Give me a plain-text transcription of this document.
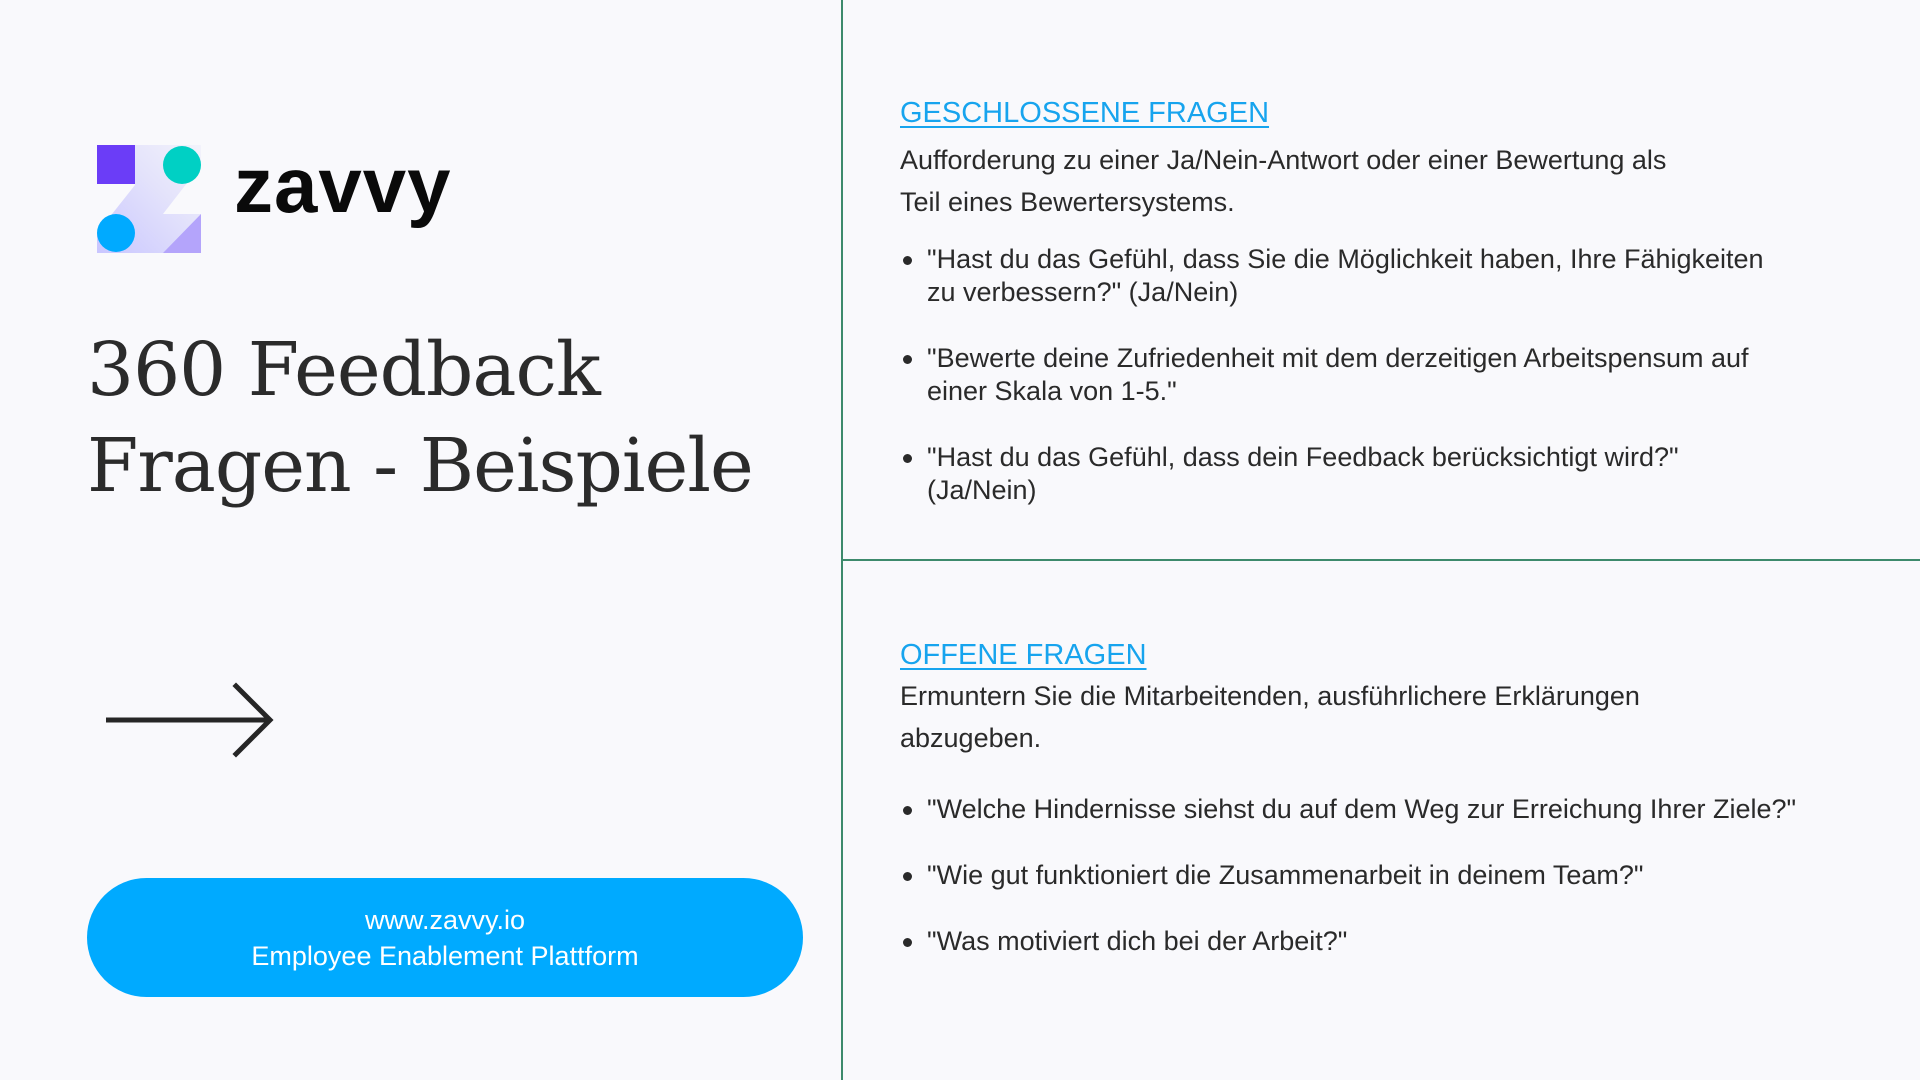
zavvy
360 Feedback
Fragen - Beispiele
www.zavvy.io
Employee Enablement Plattform
GESCHLOSSENE FRAGEN

Aufforderung zu einer Ja/Nein-Antwort oder einer Bewertung als
Teil eines Bewertersystems.

"Hast du das Gefühl, dass Sie die Möglichkeit haben, Ihre Fähigkeiten
zu verbessern?" (Ja/Nein)
"Bewerte deine Zufriedenheit mit dem derzeitigen Arbeitspensum auf
einer Skala von 1-5."
"Hast du das Gefühl, dass dein Feedback berücksichtigt wird?"
(Ja/Nein)
OFFENE FRAGEN

Ermuntern Sie die Mitarbeitenden, ausführlichere Erklärungen
abzugeben.

"Welche Hindernisse siehst du auf dem Weg zur Erreichung Ihrer Ziele?"
"Wie gut funktioniert die Zusammenarbeit in deinem Team?"
"Was motiviert dich bei der Arbeit?"
